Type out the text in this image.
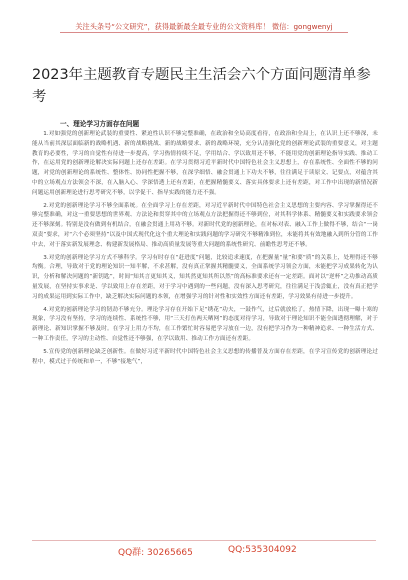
关注头条号“公文研究”，获得最新最全最专业的公文资料库！ 微信：gongwenyj
2023年主题教育专题民主生活会六个方面问题清单参考
一、理论学习方面存在问题

1.对如强党的创新理论武装的重要性、紧迫性认识不够完整准确，在政治和全局高度看待，在政治和全局上，在认识上还不够深，未能从当前其深层面临新的战略机遇、新的战略挑战、新的战略要求、新的战略环境，充分认清强化党的创新理论武装的重要意义，对主题教育的必要性，学习的自觉性有待进一步提高，学习热情持续不足，学用结合、学以致用还不够，不能用党的创新理论指导实践、推动工作，在运用党的创新理论解决实际问题上还存在差距。在学习贯彻习近平新时代中国特色社会主义思想上，存在系统性、全面性不够的问题，对党的创新理论的系统性、整体性、协同性把握不够，在深学细悟、融会贯通上下功夫不够，往往满足于读原文、记要点，对蕴含其中的立场观点方法领会不深，在入脑入心、学深悟透上还有差距，在把握精髓要义、落实具体要求上还有差距，对工作中出现的新情况新问题运用创新理论进行思考研究不够，以学促干、指导实践的能力还不强。

2.对党的创新理论学习不够全面系统。在全面学习上存在差距，对习近平新时代中国特色社会主义思想的主要内容、学习掌握得还不够完整准确，对这一重要思想的世界观、方法论和贯穿其中的立场观点方法把握得还不够到位，对其科学体系、精髓要义和实践要求领会还不够深刻。特别是没有做到有机结合，在融会贯通上用功不够。对新时代党的创新理论，在对标对表、融入工作上做得不够，结合“一岗双责”要求，对“六个必须坚持”以及中国式现代化这个重大理论和实践问题的学习研究不够精准到位，未能将其有效地融入到所分管的工作中去，对于落实新发展理念、构建新发展格局、推动高质量发展等重大问题的系统性研究、前瞻性思考还不够。

3.对党的创新理论学习方式不够科学。学习有时存在“赶进度”问题，比较追求速度，在把握量“量”和要“质”的关系上，处理得还不够均衡。合理，导致对于党的理论知识一知半解，不求甚解，没有真正掌握其精髓要义，全面系统学习领会方面，未能把学习成果转化为认识，分析和解决问题的“新钥匙”，时间“知其言更知其义，知其然更知其所以然”的高标准要求还有一定差距。面对以“逆杯”之功推动高质量发展，在坚持实事求是、学以致用上存在差距，对于学习中遇到的一些问题，没有深入思考研究，往往满足于浅尝辄止，没有真正把学习的成果运用到实际工作中，缺乏解决实际问题的本领，在增强学习的针对性和实效性方面还有差距，学习效果有待进一步提升。

4.对党的创新理论学习的韧劲不够充分。理论学习存在开始下足“绣花”功夫，一鼓作气，过后就放松了，热情下降，出现一曝十寒的现象，学习没有坚持，学习的连续性、系统性不够，用“三天打鱼两天晒网”的态度对待学习，导致对于理论知识不能全面透彻理解，对于新理论、新知识掌握不够及时。在学习上用力不均，在工作繁忙时容易把学习放在一边，没有把学习作为一种精神追求、一种生活方式、一种工作责任，学习的主动性、自觉性还不够强，在学以致用、推动工作方面还有差距。

5.宣传党的创新理论缺乏创新性。在做好习近平新时代中国特色社会主义思想的传播普及方面存在差距，在学习宣传党的创新理论过程中，模式过于传统和单一，不够“接地气”，

QQ群: 30265665	QQ:535304092
